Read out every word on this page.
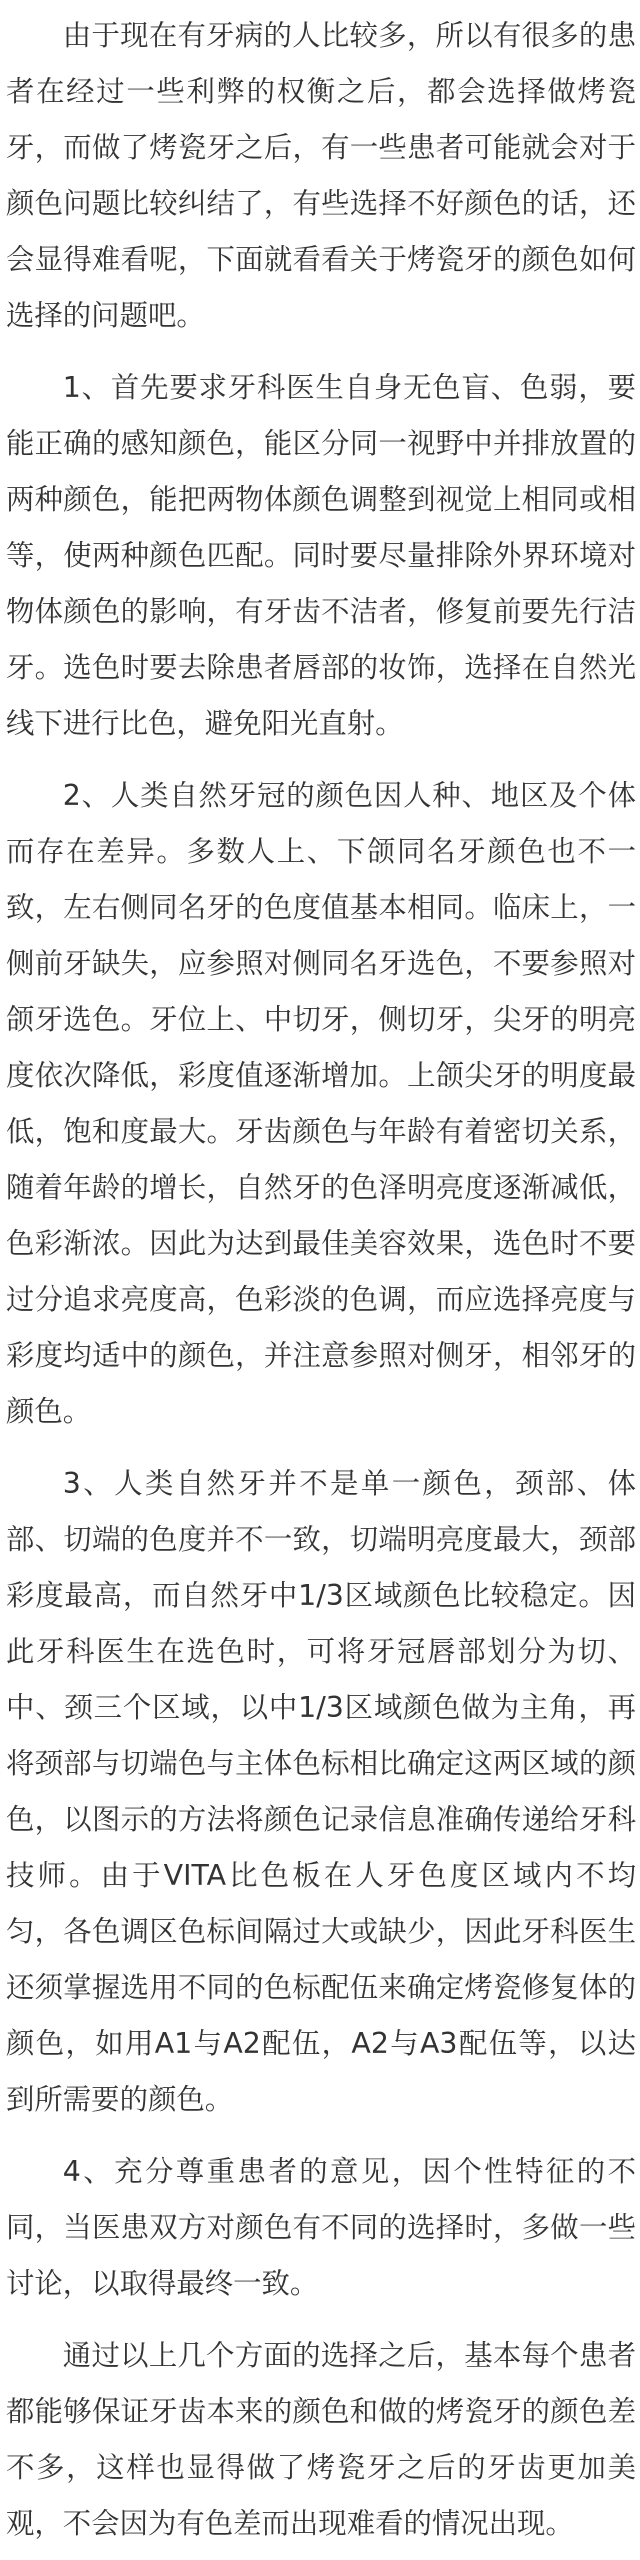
由于现在有牙病的人比较多，所以有很多的患者在经过一些利弊的权衡之后，都会选择做烤瓷牙，而做了烤瓷牙之后，有一些患者可能就会对于颜色问题比较纠结了，有些选择不好颜色的话，还会显得难看呢，下面就看看关于烤瓷牙的颜色如何选择的问题吧。

1、首先要求牙科医生自身无色盲、色弱，要能正确的感知颜色，能区分同一视野中并排放置的两种颜色，能把两物体颜色调整到视觉上相同或相等，使两种颜色匹配。同时要尽量排除外界环境对物体颜色的影响，有牙齿不洁者，修复前要先行洁牙。选色时要去除患者唇部的妆饰，选择在自然光线下进行比色，避免阳光直射。

2、人类自然牙冠的颜色因人种、地区及个体而存在差异。多数人上、下颌同名牙颜色也不一致，左右侧同名牙的色度值基本相同。临床上，一侧前牙缺失，应参照对侧同名牙选色，不要参照对颌牙选色。牙位上、中切牙，侧切牙，尖牙的明亮度依次降低，彩度值逐渐增加。上颌尖牙的明度最低，饱和度最大。牙齿颜色与年龄有着密切关系，随着年龄的增长，自然牙的色泽明亮度逐渐减低，色彩渐浓。因此为达到最佳美容效果，选色时不要过分追求亮度高，色彩淡的色调，而应选择亮度与彩度均适中的颜色，并注意参照对侧牙，相邻牙的颜色。

3、人类自然牙并不是单一颜色，颈部、体部、切端的色度并不一致，切端明亮度最大，颈部彩度最高，而自然牙中1/3区域颜色比较稳定。因此牙科医生在选色时，可将牙冠唇部划分为切、中、颈三个区域，以中1/3区域颜色做为主角，再将颈部与切端色与主体色标相比确定这两区域的颜色，以图示的方法将颜色记录信息准确传递给牙科技师。由于VITA比色板在人牙色度区域内不均匀，各色调区色标间隔过大或缺少，因此牙科医生还须掌握选用不同的色标配伍来确定烤瓷修复体的颜色，如用A1与A2配伍，A2与A3配伍等，以达到所需要的颜色。

4、充分尊重患者的意见，因个性特征的不同，当医患双方对颜色有不同的选择时，多做一些讨论，以取得最终一致。

通过以上几个方面的选择之后，基本每个患者都能够保证牙齿本来的颜色和做的烤瓷牙的颜色差不多，这样也显得做了烤瓷牙之后的牙齿更加美观，不会因为有色差而出现难看的情况出现。
